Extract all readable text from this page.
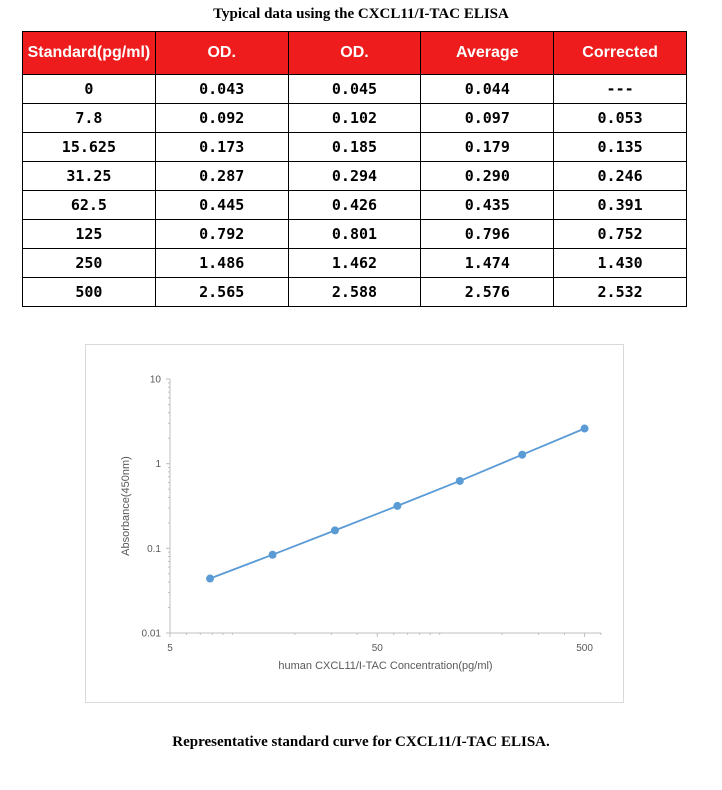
Typical data using the CXCL11/I-TAC ELISA
Standard(pg/ml)	OD.	OD.	Average	Corrected
0	0.043	0.045	0.044	---
7.8	0.092	0.102	0.097	0.053
15.625	0.173	0.185	0.179	0.135
31.25	0.287	0.294	0.290	0.246
62.5	0.445	0.426	0.435	0.391
125	0.792	0.801	0.796	0.752
250	1.486	1.462	1.474	1.430
500	2.565	2.588	2.576	2.532
0.01
0.1
1
10
5	50	500
human CXCL11/I-TAC Concentration(pg/ml)
Absorbance(450nm)
Representative standard curve for CXCL11/I-TAC ELISA.
